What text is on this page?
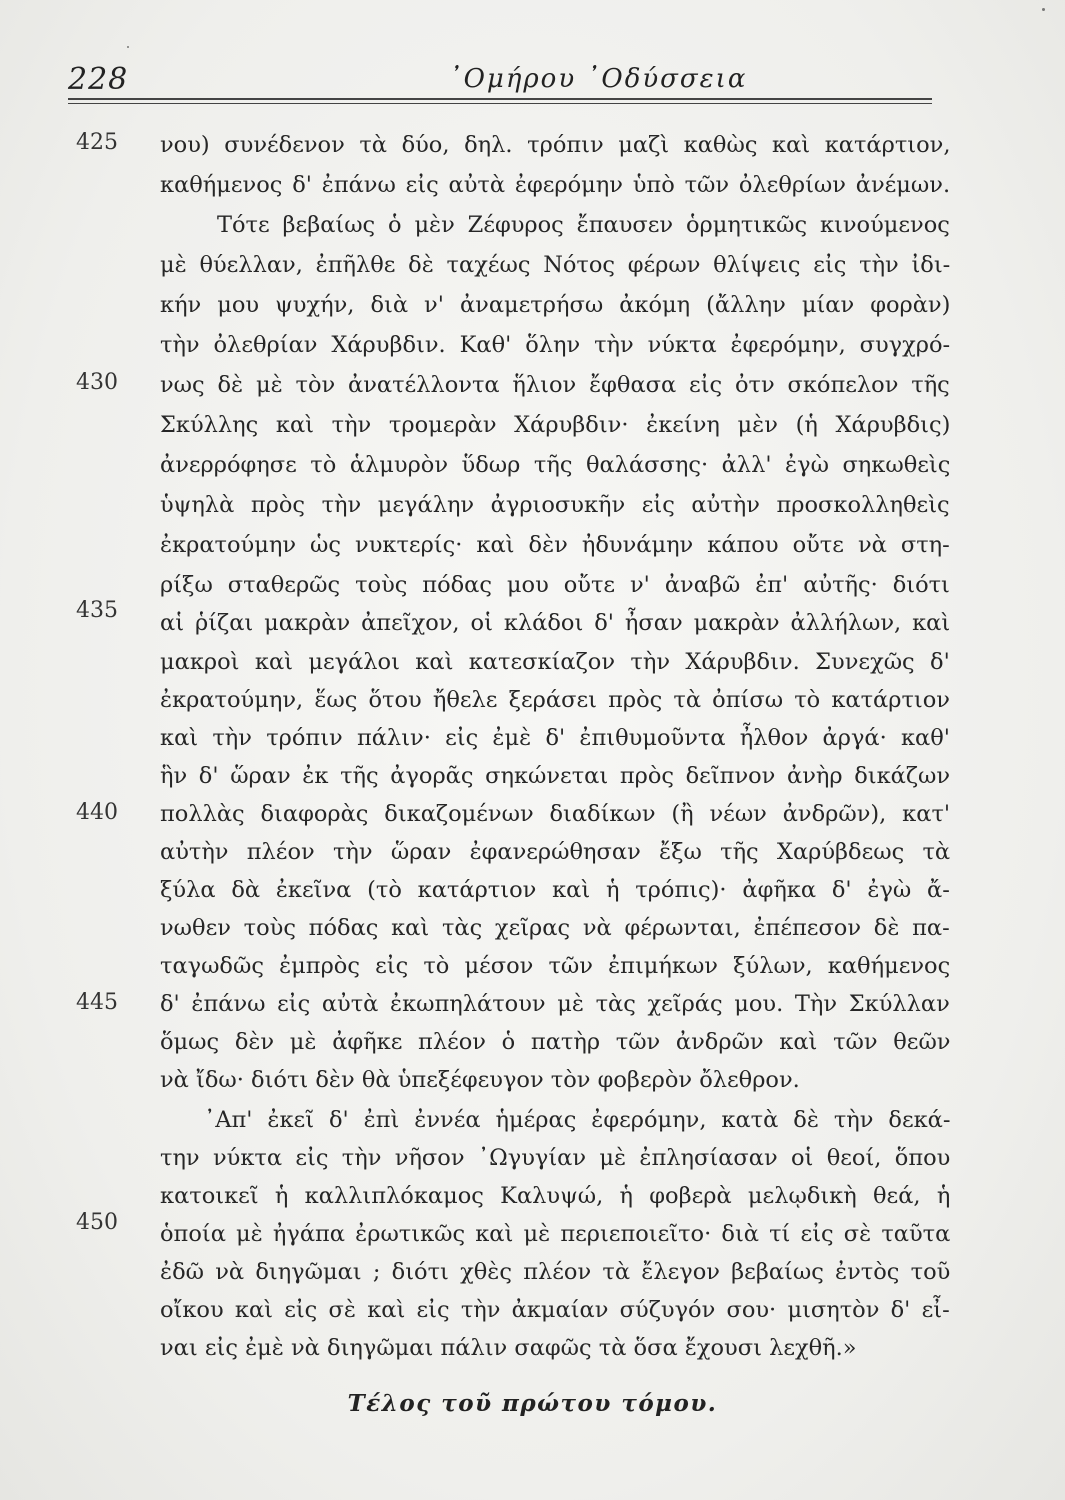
228	᾿Ομήρου ᾿Οδύσσεια
425
430
435
440
445
450
νου) συνέδενον τὰ δύο, δηλ. τρόπιν μαζὶ καθὼς καὶ κατάρτιον,
καθήμενος δ' ἐπάνω εἰς αὐτὰ ἐφερόμην ὑπὸ τῶν ὀλεθρίων ἀνέμων.
Τότε βεβαίως ὁ μὲν Ζέφυρος ἔπαυσεν ὁρμητικῶς κινούμενος
μὲ θύελλαν, ἐπῆλθε δὲ ταχέως Νότος φέρων θλίψεις εἰς τὴν ἰδι-
κήν μου ψυχήν, διὰ ν' ἀναμετρήσω ἀκόμη (ἄλλην μίαν φορὰν)
τὴν ὀλεθρίαν Χάρυβδιν. Καθ' ὅλην τὴν νύκτα ἐφερόμην, συγχρό-
νως δὲ μὲ τὸν ἀνατέλλοντα ἥλιον ἔφθασα εἰς ὀτν σκόπελον τῆς
Σκύλλης καὶ τὴν τρομερὰν Χάρυβδιν· ἐκείνη μὲν (ἡ Χάρυβδις)
ἀνερρόφησε τὸ ἁλμυρὸν ὕδωρ τῆς θαλάσσης· ἀλλ' ἐγὼ σηκωθεὶς
ὑψηλὰ πρὸς τὴν μεγάλην ἀγριοσυκῆν εἰς αὐτὴν προσκολληθεὶς
ἐκρατούμην ὡς νυκτερίς· καὶ δὲν ἠδυνάμην κάπου οὔτε νὰ στη-
ρίξω σταθερῶς τοὺς πόδας μου οὔτε ν' ἀναβῶ ἐπ' αὐτῆς· διότι
αἱ ῥίζαι μακρὰν ἀπεῖχον, οἱ κλάδοι δ' ἦσαν μακρὰν ἀλλήλων, καὶ
μακροὶ καὶ μεγάλοι καὶ κατεσκίαζον τὴν Χάρυβδιν. Συνεχῶς δ'
ἐκρατούμην, ἕως ὅτου ἤθελε ξεράσει πρὸς τὰ ὀπίσω τὸ κατάρτιον
καὶ τὴν τρόπιν πάλιν· εἰς ἐμὲ δ' ἐπιθυμοῦντα ἦλθον ἀργά· καθ'
ἣν δ' ὥραν ἐκ τῆς ἀγορᾶς σηκώνεται πρὸς δεῖπνον ἀνὴρ δικάζων
πολλὰς διαφορὰς δικαζομένων διαδίκων (ἢ νέων ἀνδρῶν), κατ'
αὐτὴν πλέον τὴν ὥραν ἐφανερώθησαν ἔξω τῆς Χαρύβδεως τὰ
ξύλα δὰ ἐκεῖνα (τὸ κατάρτιον καὶ ἡ τρόπις)· ἀφῆκα δ' ἐγὼ ἄ-
νωθεν τοὺς πόδας καὶ τὰς χεῖρας νὰ φέρωνται, ἐπέπεσον δὲ πα-
ταγωδῶς ἐμπρὸς εἰς τὸ μέσον τῶν ἐπιμήκων ξύλων, καθήμενος
δ' ἐπάνω εἰς αὐτὰ ἐκωπηλάτουν μὲ τὰς χεῖράς μου. Τὴν Σκύλλαν
ὅμως δὲν μὲ ἀφῆκε πλέον ὁ πατὴρ τῶν ἀνδρῶν καὶ τῶν θεῶν
νὰ ἴδω· διότι δὲν θὰ ὑπεξέφευγον τὸν φοβερὸν ὄλεθρον.
᾿Απ' ἐκεῖ δ' ἐπὶ ἐννέα ἡμέρας ἐφερόμην, κατὰ δὲ τὴν δεκά-
την νύκτα εἰς τὴν νῆσον ᾿Ωγυγίαν μὲ ἐπλησίασαν οἱ θεοί, ὅπου
κατοικεῖ ἡ καλλιπλόκαμος Καλυψώ, ἡ φοβερὰ μελῳδικὴ θεά, ἡ
ὁποία μὲ ἠγάπα ἐρωτικῶς καὶ μὲ περιεποιεῖτο· διὰ τί εἰς σὲ ταῦτα
ἐδῶ νὰ διηγῶμαι ; διότι χθὲς πλέον τὰ ἔλεγον βεβαίως ἐντὸς τοῦ
οἴκου καὶ εἰς σὲ καὶ εἰς τὴν ἀκμαίαν σύζυγόν σου· μισητὸν δ' εἶ-
ναι εἰς ἐμὲ νὰ διηγῶμαι πάλιν σαφῶς τὰ ὅσα ἔχουσι λεχθῆ.»
Τέλος τοῦ πρώτου τόμου.
